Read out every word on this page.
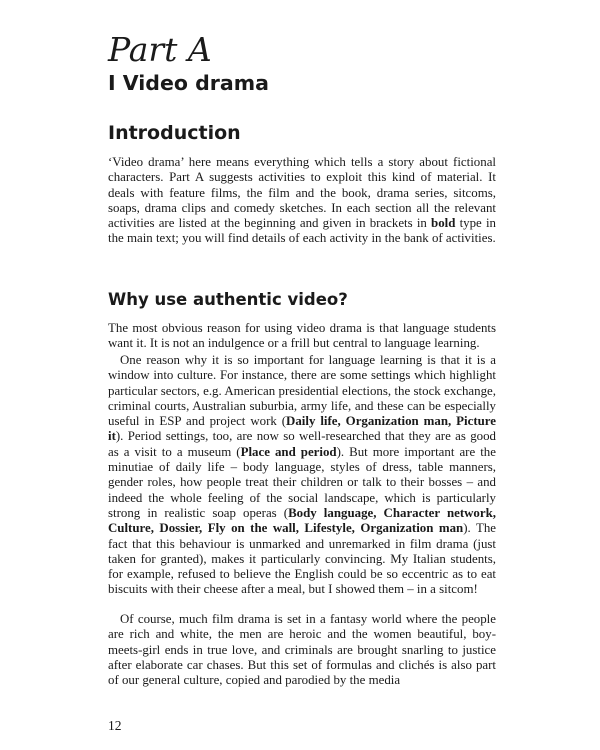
Part A
I Video drama
Introduction

‘Video drama’ here means everything which tells a story about fictional characters. Part A suggests activities to exploit this kind of material. It deals with feature films, the film and the book, drama series, sitcoms, soaps, drama clips and comedy sketches. In each section all the relevant activities are listed at the beginning and given in brackets in bold type in the main text; you will find details of each activity in the bank of activities.

Why use authentic video?

The most obvious reason for using video drama is that language students want it. It is not an indulgence or a frill but central to language learning.

One reason why it is so important for language learning is that it is a window into culture. For instance, there are some settings which highlight particular sectors, e.g. American presidential elections, the stock exchange, criminal courts, Australian suburbia, army life, and these can be especially useful in ESP and project work (Daily life, Organization man, Picture it). Period settings, too, are now so well-researched that they are as good as a visit to a museum (Place and period). But more important are the minutiae of daily life – body language, styles of dress, table manners, gender roles, how people treat their children or talk to their bosses – and indeed the whole feeling of the social landscape, which is particularly strong in realistic soap operas (Body language, Character network, Culture, Dossier, Fly on the wall, Lifestyle, Organization man). The fact that this behaviour is unmarked and unremarked in film drama (just taken for granted), makes it particularly convincing. My Italian students, for example, refused to believe the English could be so eccentric as to eat biscuits with their cheese after a meal, but I showed them – in a sitcom!

Of course, much film drama is set in a fantasy world where the people are rich and white, the men are heroic and the women beautiful, boy-meets-girl ends in true love, and criminals are brought snarling to justice after elaborate car chases. But this set of formulas and clichés is also part of our general culture, copied and parodied by the media

12
